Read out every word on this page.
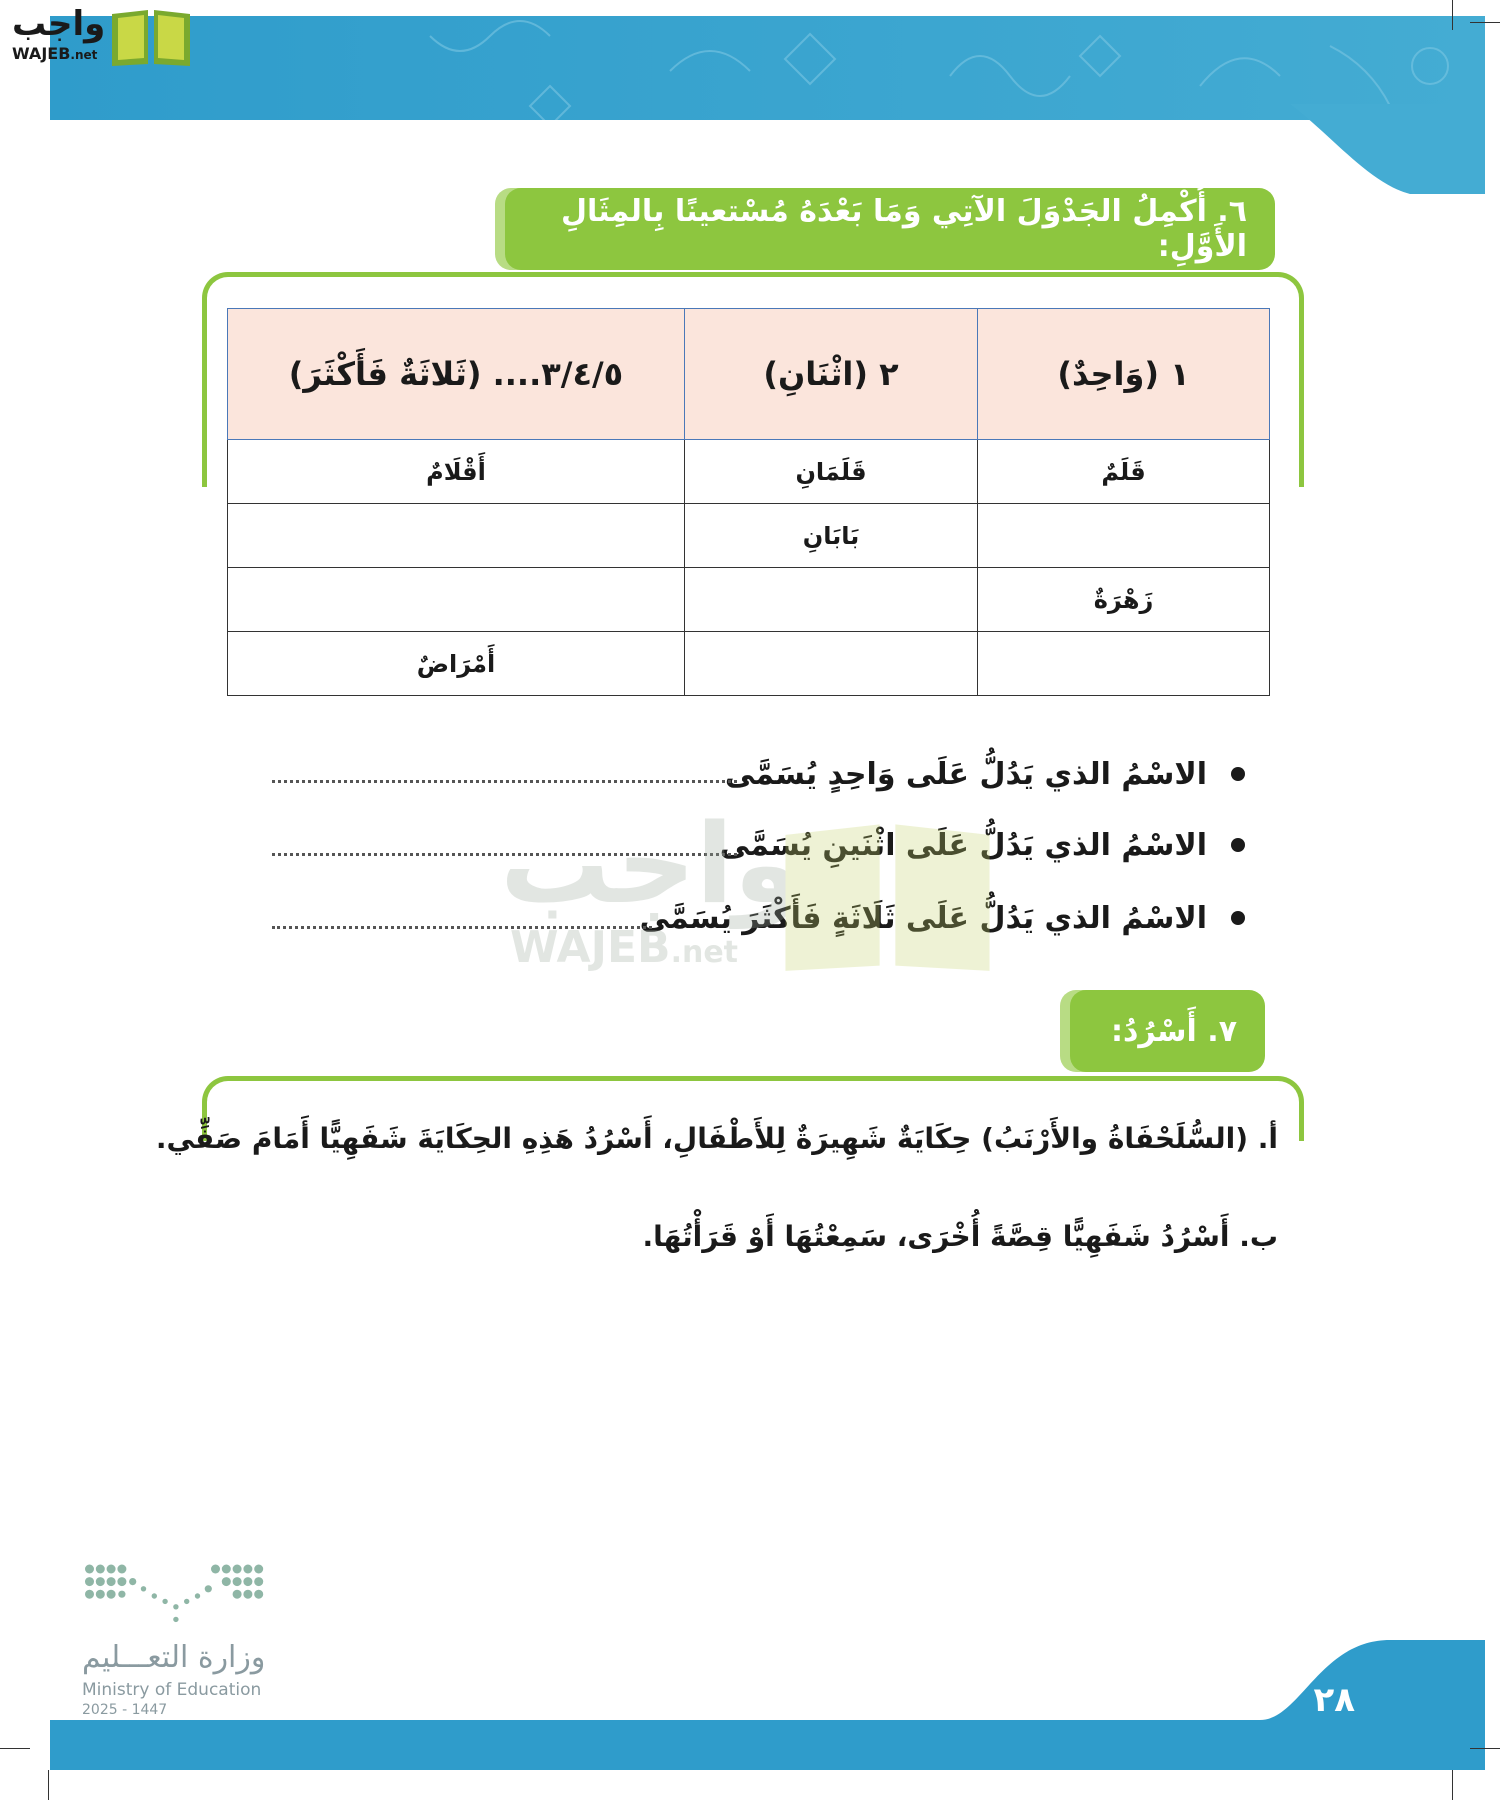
واجب
WAJEB.net
٦. أُكْمِلُ الجَدْوَلَ الآتِي وَمَا بَعْدَهُ مُسْتعينًا بِالمِثَالِ الأَوَّلِ:
١ (وَاحِدٌ)	٢ (اثْنَانِ)	٣/٤/٥.... (ثَلاثَةٌ فَأَكْثَرَ)
قَلَمٌ	قَلَمَانِ	أَقْلَامٌ
	بَابَانِ	
زَهْرَةٌ		
		أَمْرَاضٌ
الاسْمُ الذي يَدُلُّ عَلَى وَاحِدٍ يُسَمَّى
الاسْمُ الذي يَدُلُّ عَلَى اثْنَينِ يُسَمَّى
الاسْمُ الذي يَدُلُّ عَلَى ثَلَاثَةٍ فَأَكْثَرَ يُسَمَّى
واجب
WAJEB.net
٧. أَسْرُدُ:
أ. (السُّلَحْفَاةُ والأَرْنَبُ) حِكَايَةٌ شَهِيرَةٌ لِلأَطْفَالِ، أَسْرُدُ هَذِهِ الحِكَايَةَ شَفَهِيًّا أَمَامَ صَفِّي.
ب. أَسْرُدُ شَفَهِيًّا قِصَّةً أُخْرَى، سَمِعْتُهَا أَوْ قَرَأْتُهَا.
وزارة التعـــليم
Ministry of Education
2025 - 1447	٢٨
